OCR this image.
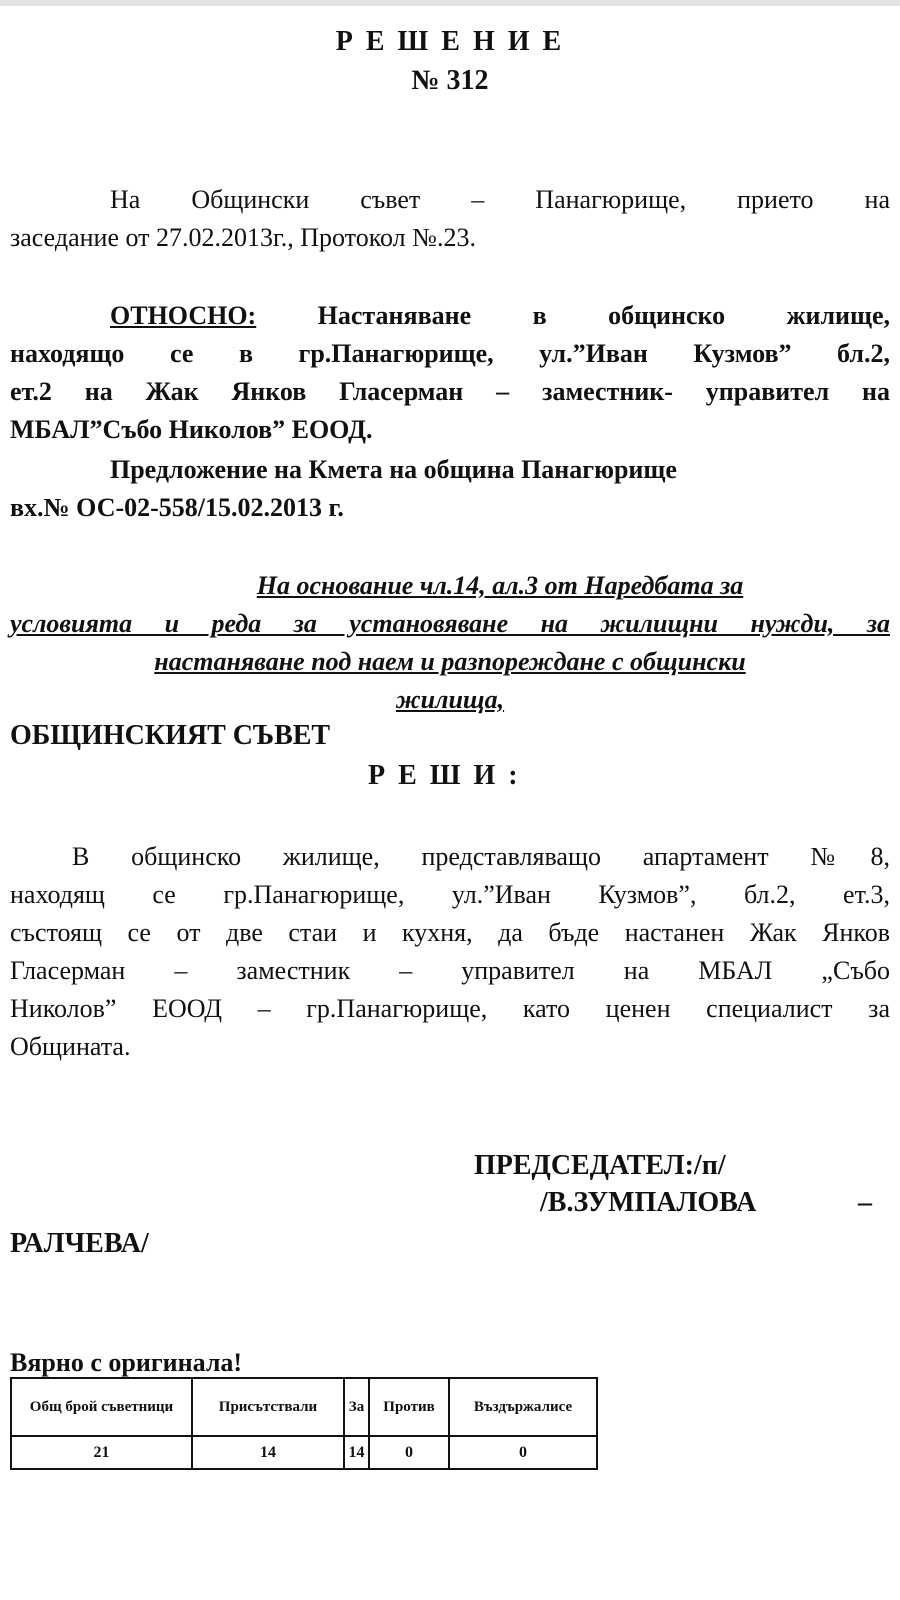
Р Е Ш Е Н И Е
№ 312
На Общински съвет – Панагюрище, прието на
заседание от 27.02.2013г., Протокол №.23.
ОТНОСНО: Настаняване в общинско жилище,
находящо се в гр.Панагюрище, ул.”Иван Кузмов” бл.2,
ет.2 на Жак Янков Гласерман – заместник- управител на
МБАЛ”Събо Николов” ЕООД.
Предложение на Кмета на община Панагюрище
вх.№ ОС-02-558/15.02.2013 г.
На основание чл.14, ал.3 от Наредбата за
условията и реда за установяване на жилищни нужди, за
настаняване под наем и разпореждане с общински
жилища,
ОБЩИНСКИЯТ СЪВЕТ
Р Е Ш И :
В общинско жилище, представляващо апартамент №8,
находящ се гр.Панагюрище, ул.”Иван Кузмов”, бл.2, ет.3,
състоящ се от две стаи и кухня, да бъде настанен Жак Янков
Гласерман – заместник – управител на МБАЛ „Събо
Николов” ЕООД – гр.Панагюрище, като ценен специалист за
Общината.
ПРЕДСЕДАТЕЛ:/п/
/В.ЗУМПАЛОВА	–
РАЛЧЕВА/
Вярно с оригинала!
Общ брой съветници	Присътствали	За	Против	Въздържалисе
21	14	14	0	0
